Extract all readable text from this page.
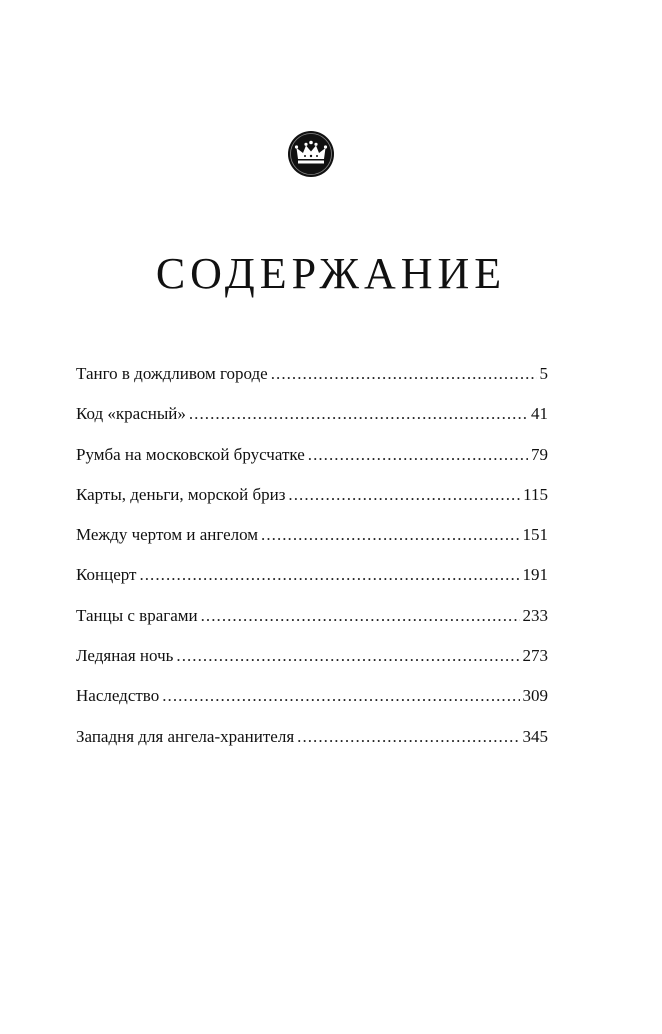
СОДЕРЖАНИЕ
Танго в дождливом городе . . .	5
Код «красный» . . .	41
Румба на московской брусчатке . . .	79
Карты, деньги, морской бриз . . .	115
Между чертом и ангелом . . .	151
Концерт . . .	191
Танцы с врагами . . .	233
Ледяная ночь . . .	273
Наследство . . .	309
Западня для ангела-хранителя . . .	345
